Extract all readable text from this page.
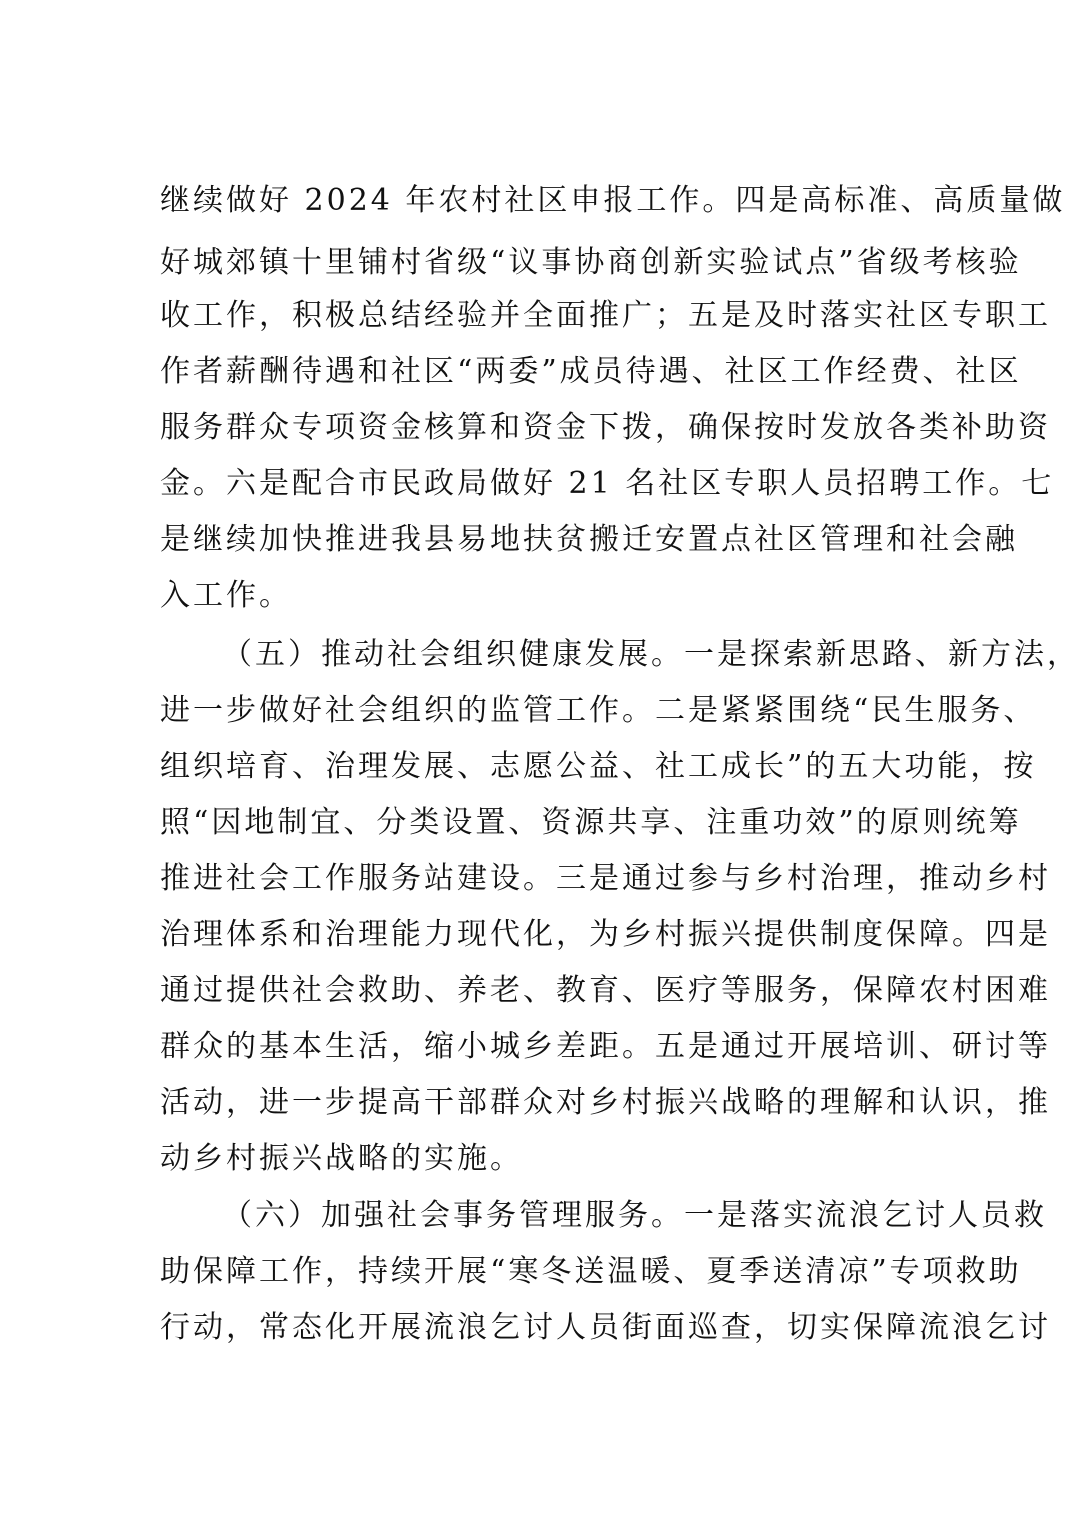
继续做好 2024 年农村社区申报工作。四是高标准、高质量做
好城郊镇十里铺村省级“议事协商创新实验试点”省级考核验
收工作，积极总结经验并全面推广；五是及时落实社区专职工
作者薪酬待遇和社区“两委”成员待遇、社区工作经费、社区
服务群众专项资金核算和资金下拨，确保按时发放各类补助资
金。六是配合市民政局做好 21 名社区专职人员招聘工作。七
是继续加快推进我县易地扶贫搬迁安置点社区管理和社会融
入工作。
（五）推动社会组织健康发展。一是探索新思路、新方法，
进一步做好社会组织的监管工作。二是紧紧围绕“民生服务、
组织培育、治理发展、志愿公益、社工成长”的五大功能，按
照“因地制宜、分类设置、资源共享、注重功效”的原则统筹
推进社会工作服务站建设。三是通过参与乡村治理，推动乡村
治理体系和治理能力现代化，为乡村振兴提供制度保障。四是
通过提供社会救助、养老、教育、医疗等服务，保障农村困难
群众的基本生活，缩小城乡差距。五是通过开展培训、研讨等
活动，进一步提高干部群众对乡村振兴战略的理解和认识，推
动乡村振兴战略的实施。
（六）加强社会事务管理服务。一是落实流浪乞讨人员救
助保障工作，持续开展“寒冬送温暖、夏季送清凉”专项救助
行动，常态化开展流浪乞讨人员街面巡查，切实保障流浪乞讨
